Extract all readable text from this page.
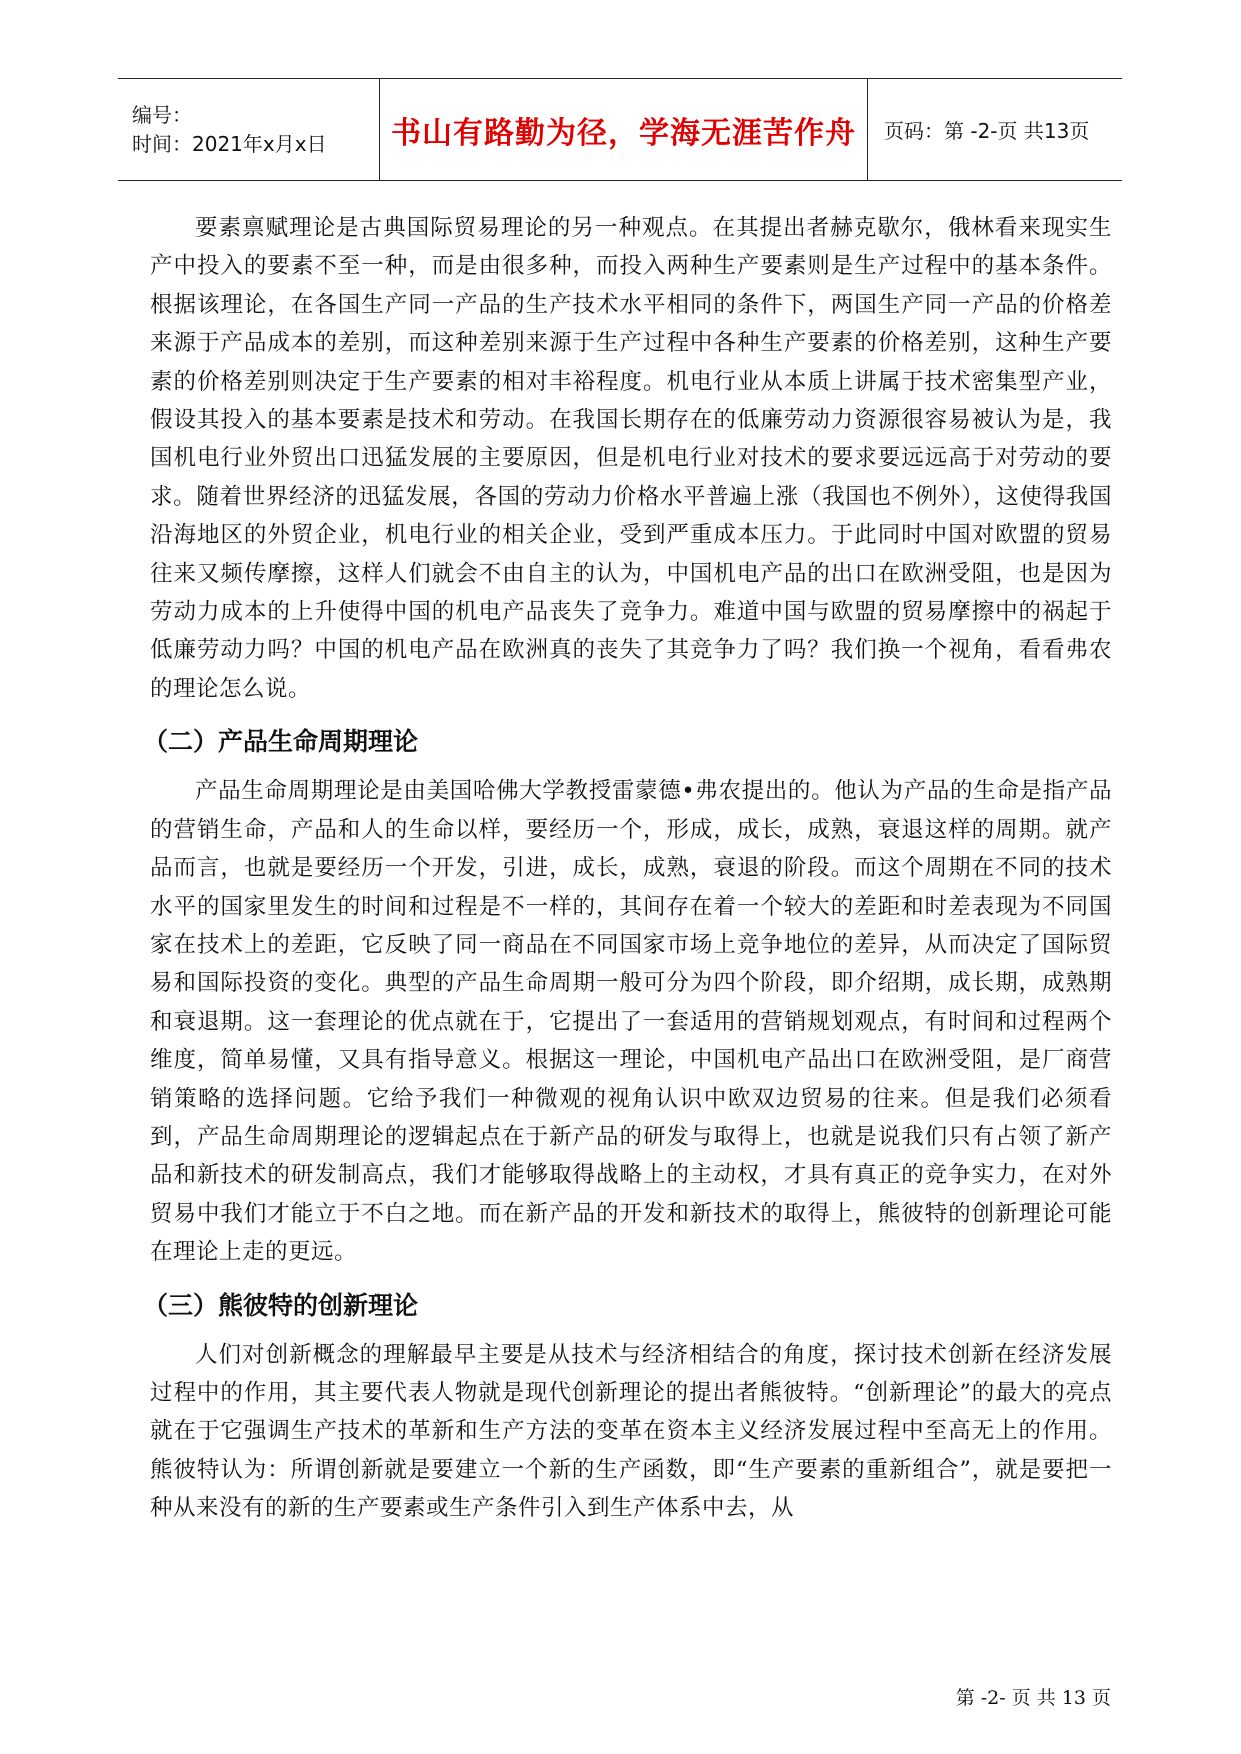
编号：
时间：2021年x月x日	书山有路勤为径，学海无涯苦作舟	页码：第 -2-页 共13页

要素禀赋理论是古典国际贸易理论的另一种观点。在其提出者赫克歇尔，俄林看来现实生产中投入的要素不至一种，而是由很多种，而投入两种生产要素则是生产过程中的基本条件。根据该理论，在各国生产同一产品的生产技术水平相同的条件下，两国生产同一产品的价格差来源于产品成本的差别，而这种差别来源于生产过程中各种生产要素的价格差别，这种生产要素的价格差别则决定于生产要素的相对丰裕程度。机电行业从本质上讲属于技术密集型产业，假设其投入的基本要素是技术和劳动。在我国长期存在的低廉劳动力资源很容易被认为是，我国机电行业外贸出口迅猛发展的主要原因，但是机电行业对技术的要求要远远高于对劳动的要求。随着世界经济的迅猛发展，各国的劳动力价格水平普遍上涨（我国也不例外），这使得我国沿海地区的外贸企业，机电行业的相关企业，受到严重成本压力。于此同时中国对欧盟的贸易往来又频传摩擦，这样人们就会不由自主的认为，中国机电产品的出口在欧洲受阻，也是因为劳动力成本的上升使得中国的机电产品丧失了竞争力。难道中国与欧盟的贸易摩擦中的祸起于低廉劳动力吗？中国的机电产品在欧洲真的丧失了其竞争力了吗？我们换一个视角，看看弗农的理论怎么说。

（二）产品生命周期理论

产品生命周期理论是由美国哈佛大学教授雷蒙德•弗农提出的。他认为产品的生命是指产品的营销生命，产品和人的生命以样，要经历一个，形成，成长，成熟，衰退这样的周期。就产品而言，也就是要经历一个开发，引进，成长，成熟，衰退的阶段。而这个周期在不同的技术水平的国家里发生的时间和过程是不一样的，其间存在着一个较大的差距和时差表现为不同国家在技术上的差距，它反映了同一商品在不同国家市场上竞争地位的差异，从而决定了国际贸易和国际投资的变化。典型的产品生命周期一般可分为四个阶段，即介绍期，成长期，成熟期和衰退期。这一套理论的优点就在于，它提出了一套适用的营销规划观点，有时间和过程两个维度，简单易懂，又具有指导意义。根据这一理论，中国机电产品出口在欧洲受阻，是厂商营销策略的选择问题。它给予我们一种微观的视角认识中欧双边贸易的往来。但是我们必须看到，产品生命周期理论的逻辑起点在于新产品的研发与取得上，也就是说我们只有占领了新产品和新技术的研发制高点，我们才能够取得战略上的主动权，才具有真正的竞争实力，在对外贸易中我们才能立于不白之地。而在新产品的开发和新技术的取得上，熊彼特的创新理论可能在理论上走的更远。

（三）熊彼特的创新理论

人们对创新概念的理解最早主要是从技术与经济相结合的角度，探讨技术创新在经济发展过程中的作用，其主要代表人物就是现代创新理论的提出者熊彼特。“创新理论”的最大的亮点就在于它强调生产技术的革新和生产方法的变革在资本主义经济发展过程中至高无上的作用。熊彼特认为：所谓创新就是要建立一个新的生产函数，即“生产要素的重新组合”，就是要把一种从来没有的新的生产要素或生产条件引入到生产体系中去，从

第 -2- 页 共 13 页
